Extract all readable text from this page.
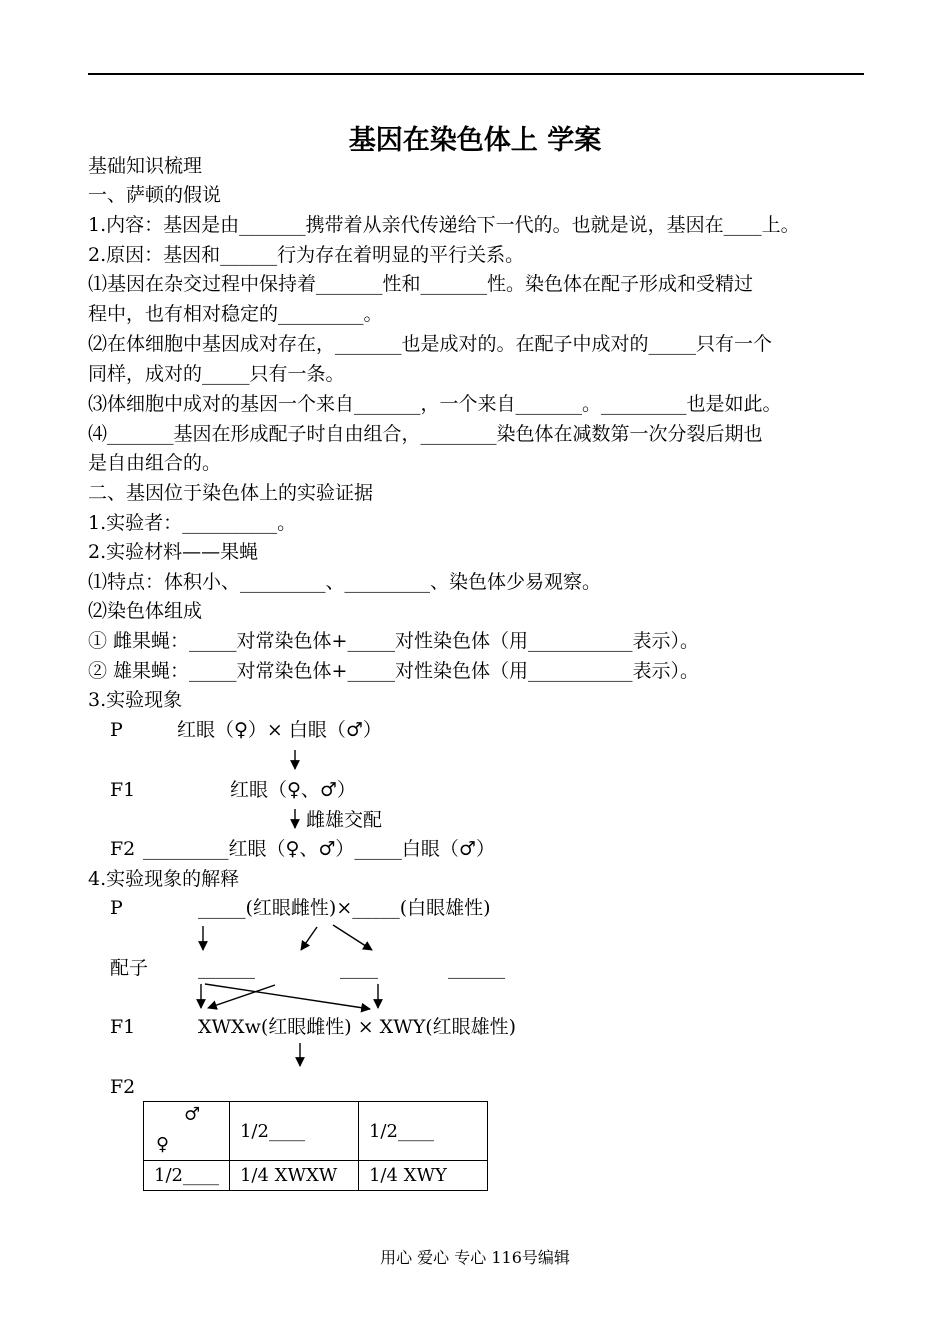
基因在染色体上 学案
基础知识梳理
一、萨顿的假说
1.内容：基因是由_______携带着从亲代传递给下一代的。也就是说，基因在____上。
2.原因：基因和______行为存在着明显的平行关系。
⑴基因在杂交过程中保持着_______性和_______性。染色体在配子形成和受精过
程中，也有相对稳定的_________。
⑵在体细胞中基因成对存在，_______也是成对的。在配子中成对的_____只有一个
同样，成对的_____只有一条。
⑶体细胞中成对的基因一个来自_______，一个来自_______。_________也是如此。
⑷_______基因在形成配子时自由组合，________染色体在减数第一次分裂后期也
是自由组合的。
二、基因位于染色体上的实验证据
1.实验者：__________。
2.实验材料——果蝇
⑴特点：体积小、_________、_________、染色体少易观察。
⑵染色体组成
① 雌果蝇：_____对常染色体+_____对性染色体（用___________表示）。
② 雄果蝇：_____对常染色体+_____对性染色体（用___________表示）。
3.实验现象
P	红眼（♀）× 白眼（♂）
F1	红眼（♀、♂）
雌雄交配
F2 _________红眼（♀、♂）_____白眼（♂）
4.实验现象的解释
P	_____(红眼雌性)×_____(白眼雄性)
配子	______	____	______
F1	XWXw(红眼雌性) × XWY(红眼雄性)
F2
♂
♀	1/2____	1/2____
1/2____	1/4 XWXW	1/4 XWY
用心 爱心 专心 116号编辑
